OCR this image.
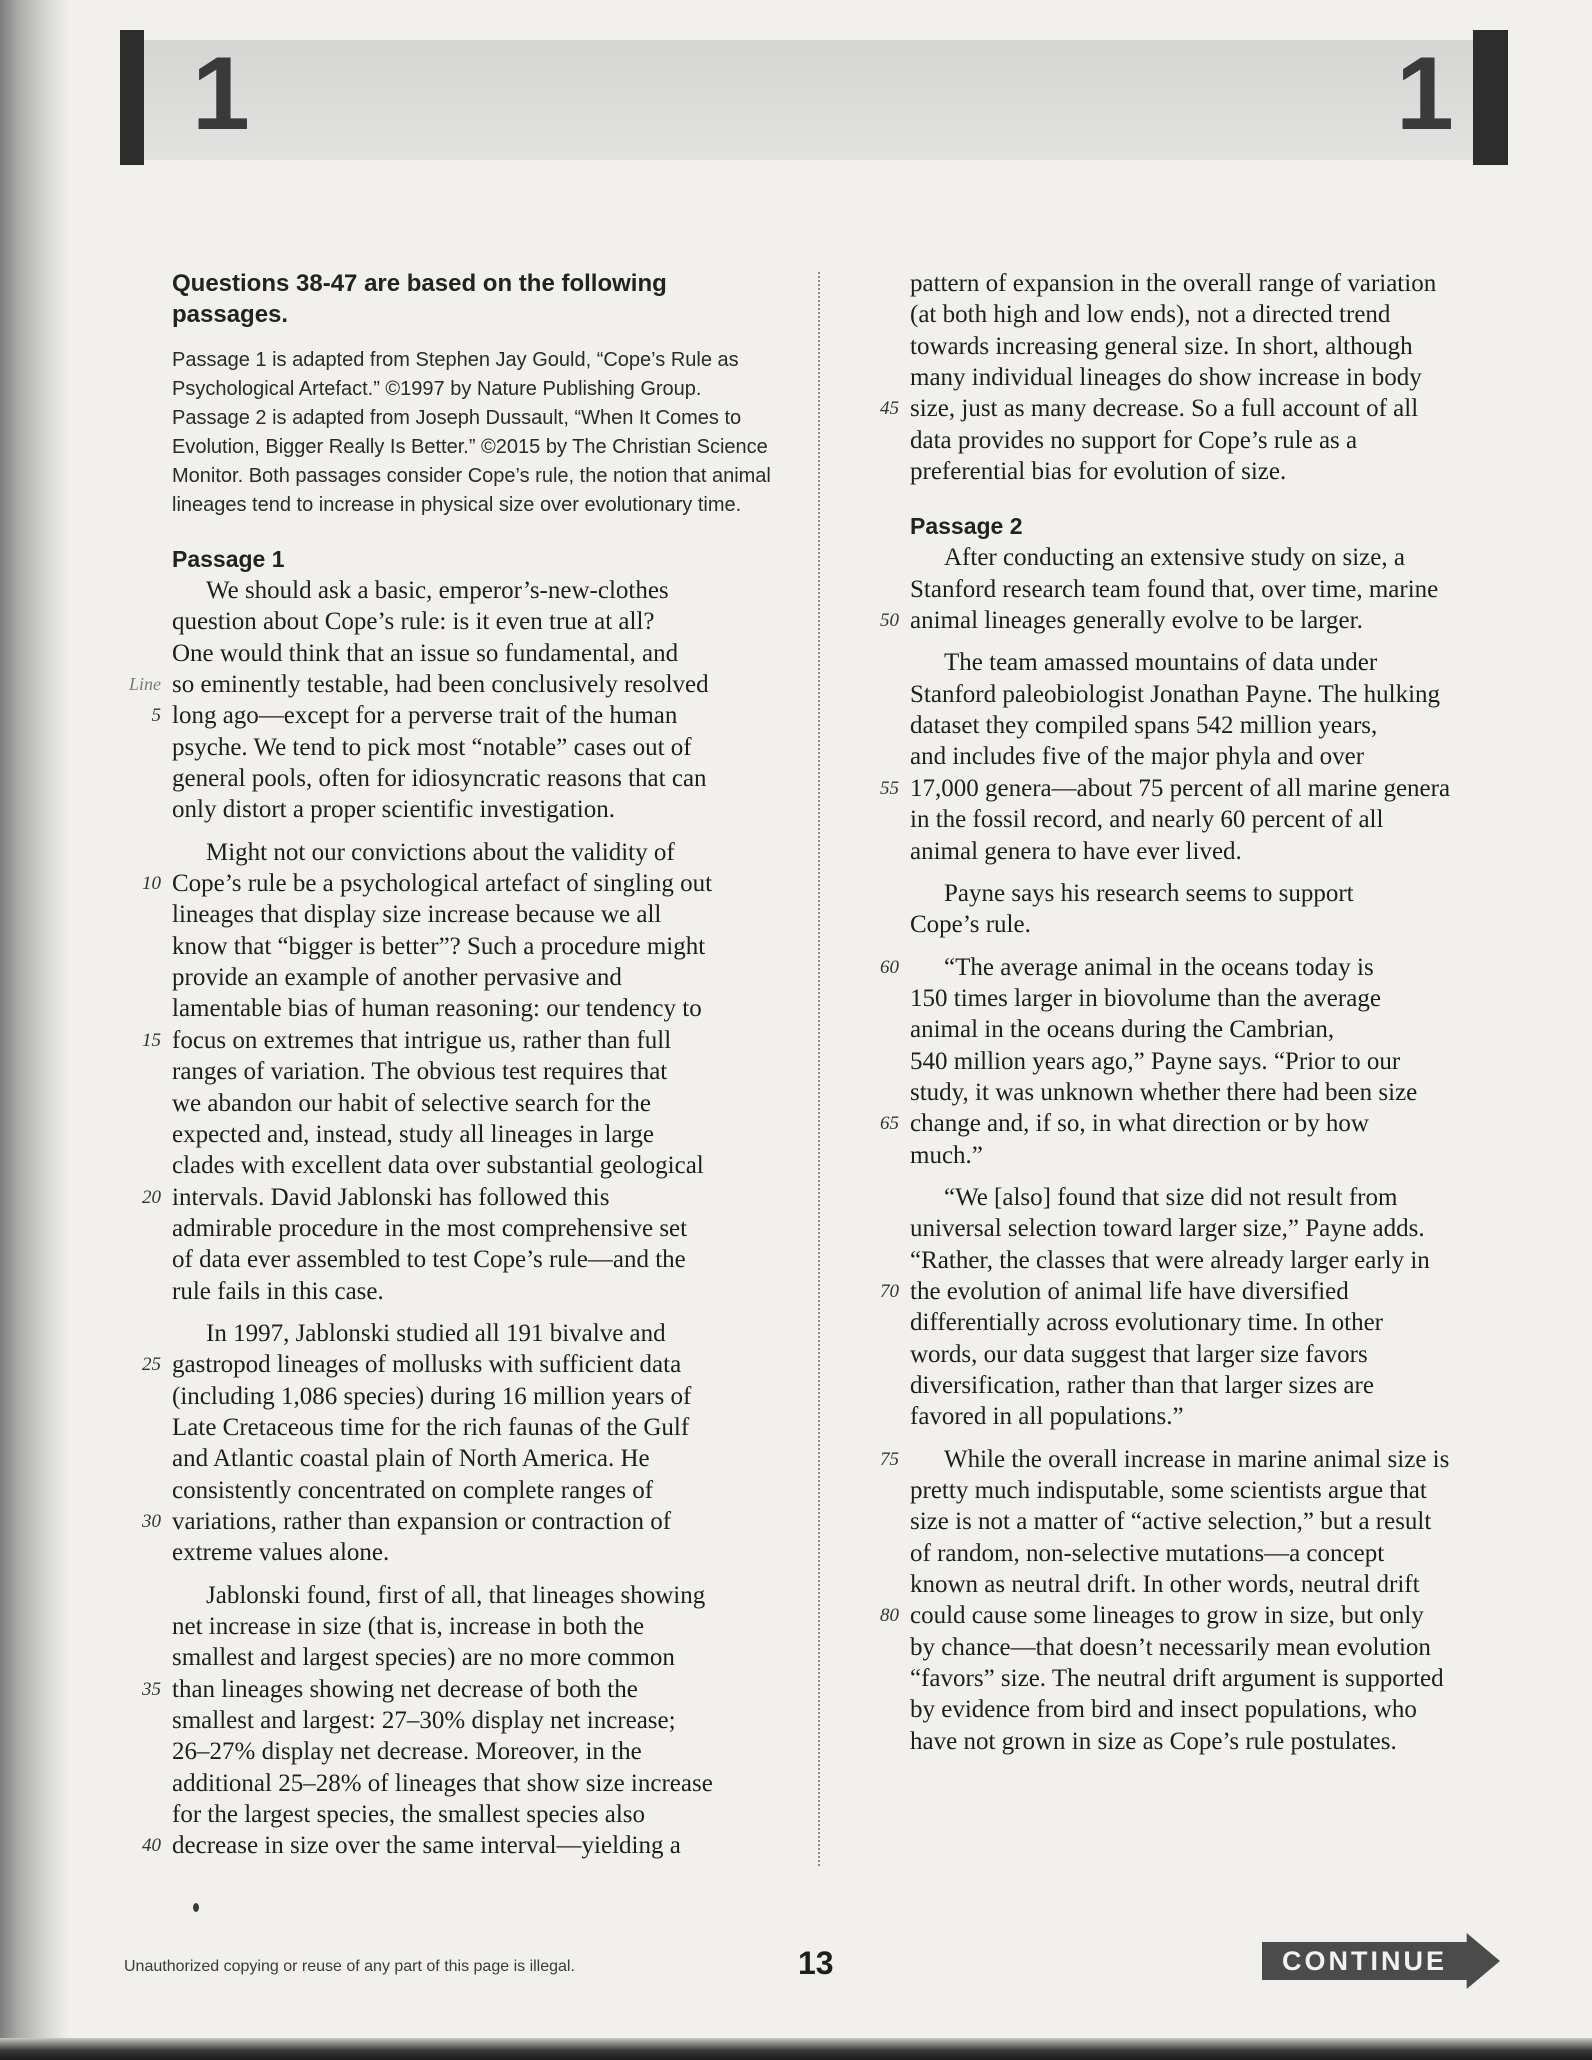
1	1
Questions 38-47 are based on the following passages.
Passage 1 is adapted from Stephen Jay Gould, “Cope’s Rule as Psychological Artefact.” ©1997 by Nature Publishing Group. Passage 2 is adapted from Joseph Dussault, “When It Comes to Evolution, Bigger Really Is Better.” ©2015 by The Christian Science Monitor. Both passages consider Cope’s rule, the notion that animal lineages tend to increase in physical size over evolutionary time.
Passage 1
We should ask a basic, emperor’s-new-clothes
question about Cope’s rule: is it even true at all?
One would think that an issue so fundamental, and
so eminently testable, had been conclusively resolved
Line
long ago—except for a perverse trait of the human
5
psyche. We tend to pick most “notable” cases out of
general pools, often for idiosyncratic reasons that can
only distort a proper scientific investigation.
Might not our convictions about the validity of
Cope’s rule be a psychological artefact of singling out
10
lineages that display size increase because we all
know that “bigger is better”? Such a procedure might
provide an example of another pervasive and
lamentable bias of human reasoning: our tendency to
focus on extremes that intrigue us, rather than full
15
ranges of variation. The obvious test requires that
we abandon our habit of selective search for the
expected and, instead, study all lineages in large
clades with excellent data over substantial geological
intervals. David Jablonski has followed this
20
admirable procedure in the most comprehensive set
of data ever assembled to test Cope’s rule—and the
rule fails in this case.
In 1997, Jablonski studied all 191 bivalve and
gastropod lineages of mollusks with sufficient data
25
(including 1,086 species) during 16 million years of
Late Cretaceous time for the rich faunas of the Gulf
and Atlantic coastal plain of North America. He
consistently concentrated on complete ranges of
variations, rather than expansion or contraction of
30
extreme values alone.
Jablonski found, first of all, that lineages showing
net increase in size (that is, increase in both the
smallest and largest species) are no more common
than lineages showing net decrease of both the
35
smallest and largest: 27–30% display net increase;
26–27% display net decrease. Moreover, in the
additional 25–28% of lineages that show size increase
for the largest species, the smallest species also
decrease in size over the same interval—yielding a
40
pattern of expansion in the overall range of variation
(at both high and low ends), not a directed trend
towards increasing general size. In short, although
many individual lineages do show increase in body
size, just as many decrease. So a full account of all
45
data provides no support for Cope’s rule as a
preferential bias for evolution of size.
Passage 2
After conducting an extensive study on size, a
Stanford research team found that, over time, marine
animal lineages generally evolve to be larger.
50
The team amassed mountains of data under
Stanford paleobiologist Jonathan Payne. The hulking
dataset they compiled spans 542 million years,
and includes five of the major phyla and over
17,000 genera—about 75 percent of all marine genera
55
in the fossil record, and nearly 60 percent of all
animal genera to have ever lived.
Payne says his research seems to support
Cope’s rule.
“The average animal in the oceans today is
60
150 times larger in biovolume than the average
animal in the oceans during the Cambrian,
540 million years ago,” Payne says. “Prior to our
study, it was unknown whether there had been size
change and, if so, in what direction or by how
65
much.”
“We [also] found that size did not result from
universal selection toward larger size,” Payne adds.
“Rather, the classes that were already larger early in
the evolution of animal life have diversified
70
differentially across evolutionary time. In other
words, our data suggest that larger size favors
diversification, rather than that larger sizes are
favored in all populations.”
While the overall increase in marine animal size is
75
pretty much indisputable, some scientists argue that
size is not a matter of “active selection,” but a result
of random, non-selective mutations—a concept
known as neutral drift. In other words, neutral drift
could cause some lineages to grow in size, but only
80
by chance—that doesn’t necessarily mean evolution
“favors” size. The neutral drift argument is supported
by evidence from bird and insect populations, who
have not grown in size as Cope’s rule postulates.
Unauthorized copying or reuse of any part of this page is illegal.	13	CONTINUE
